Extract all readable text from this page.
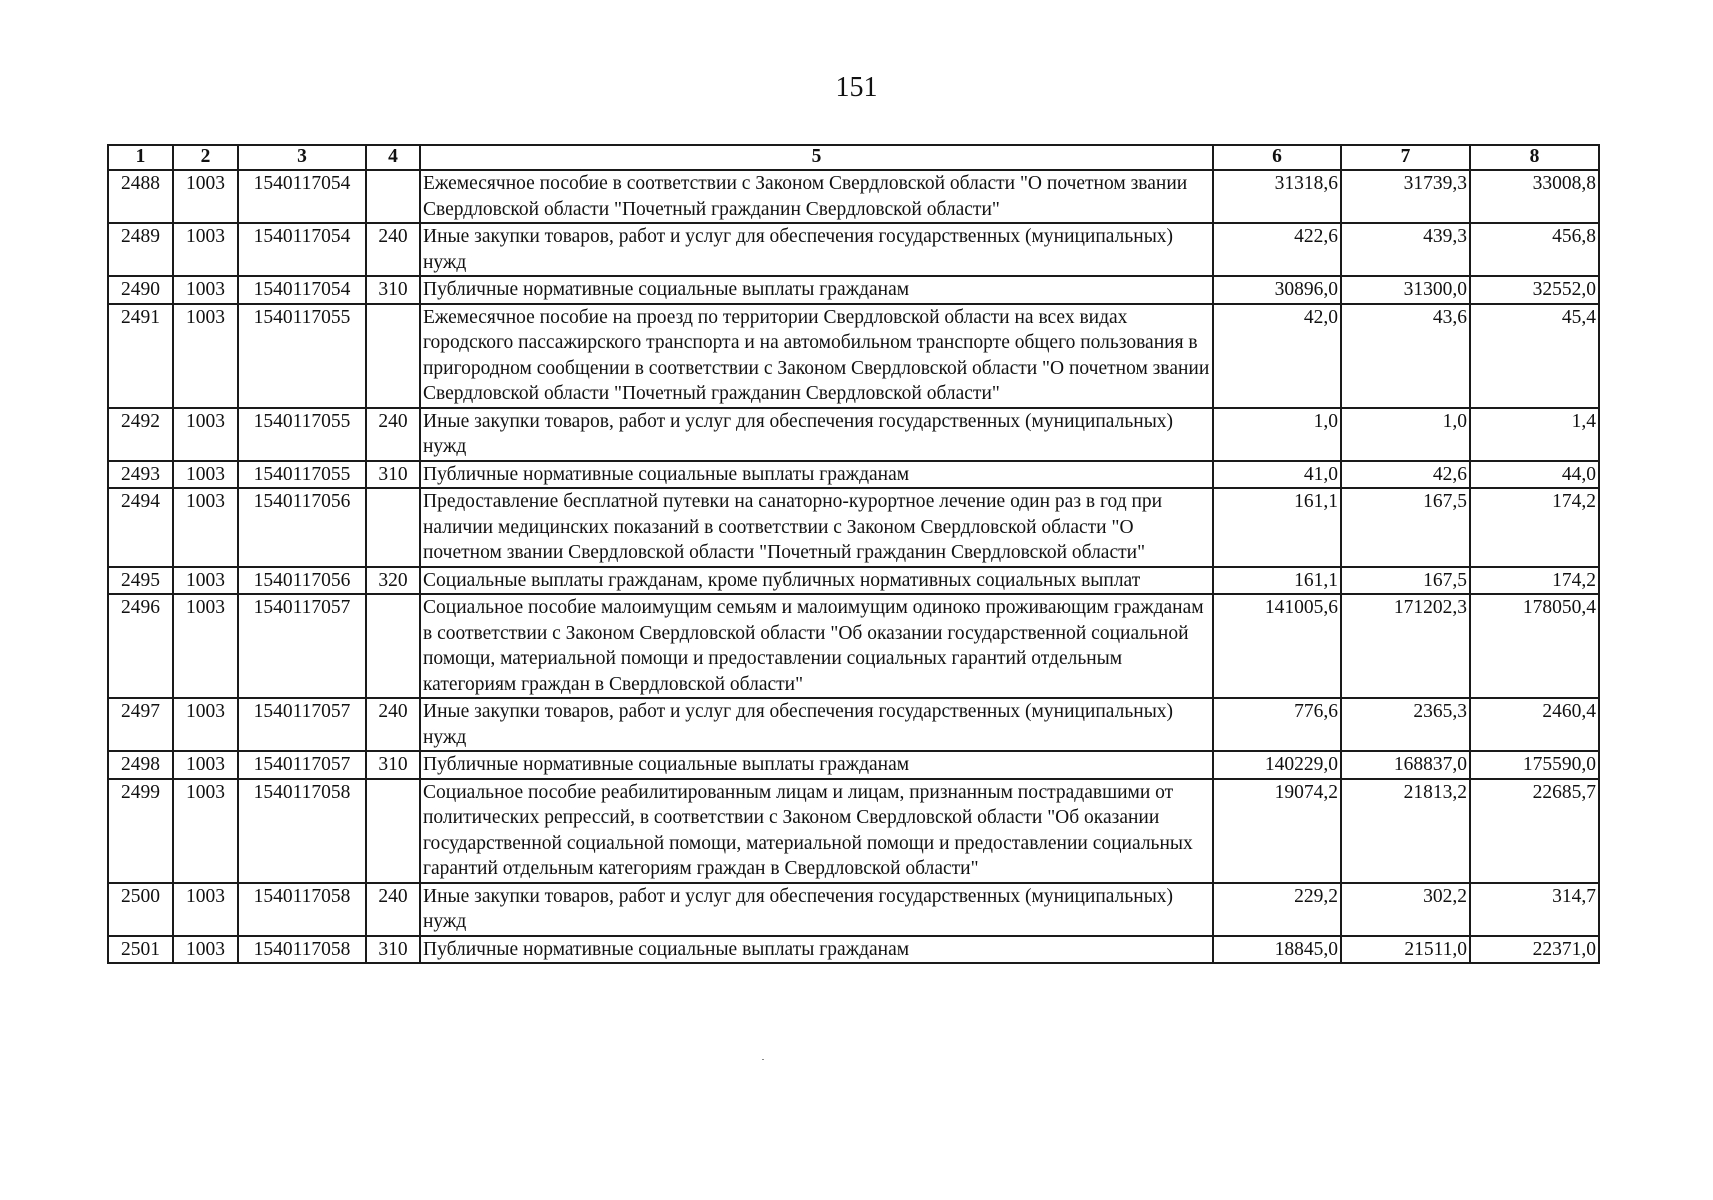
151
1	2	3	4	5	6	7	8
2488	1003	1540117054		Ежемесячное пособие в соответствии с Законом Свердловской области "О почетном звании Свердловской области "Почетный гражданин Свердловской области"	31318,6	31739,3	33008,8
2489	1003	1540117054	240	Иные закупки товаров, работ и услуг для обеспечения государственных (муниципальных) нужд	422,6	439,3	456,8
2490	1003	1540117054	310	Публичные нормативные социальные выплаты гражданам	30896,0	31300,0	32552,0
2491	1003	1540117055		Ежемесячное пособие на проезд по территории Свердловской области на всех видах городского пассажирского транспорта и на автомобильном транспорте общего пользования в пригородном сообщении в соответствии с Законом Свердловской области "О почетном звании Свердловской области "Почетный гражданин Свердловской области"	42,0	43,6	45,4
2492	1003	1540117055	240	Иные закупки товаров, работ и услуг для обеспечения государственных (муниципальных) нужд	1,0	1,0	1,4
2493	1003	1540117055	310	Публичные нормативные социальные выплаты гражданам	41,0	42,6	44,0
2494	1003	1540117056		Предоставление бесплатной путевки на санаторно-курортное лечение один раз в год при наличии медицинских показаний в соответствии с Законом Свердловской области "О почетном звании Свердловской области "Почетный гражданин Свердловской области"	161,1	167,5	174,2
2495	1003	1540117056	320	Социальные выплаты гражданам, кроме публичных нормативных социальных выплат	161,1	167,5	174,2
2496	1003	1540117057		Социальное пособие малоимущим семьям и малоимущим одиноко проживающим гражданам в соответствии с Законом Свердловской области "Об оказании государственной социальной помощи, материальной помощи и предоставлении социальных гарантий отдельным категориям граждан в Свердловской области"	141005,6	171202,3	178050,4
2497	1003	1540117057	240	Иные закупки товаров, работ и услуг для обеспечения государственных (муниципальных) нужд	776,6	2365,3	2460,4
2498	1003	1540117057	310	Публичные нормативные социальные выплаты гражданам	140229,0	168837,0	175590,0
2499	1003	1540117058		Социальное пособие реабилитированным лицам и лицам, признанным пострадавшими от политических репрессий, в соответствии с Законом Свердловской области "Об оказании государственной социальной помощи, материальной помощи и предоставлении социальных гарантий отдельным категориям граждан в Свердловской области"	19074,2	21813,2	22685,7
2500	1003	1540117058	240	Иные закупки товаров, работ и услуг для обеспечения государственных (муниципальных) нужд	229,2	302,2	314,7
2501	1003	1540117058	310	Публичные нормативные социальные выплаты гражданам	18845,0	21511,0	22371,0
